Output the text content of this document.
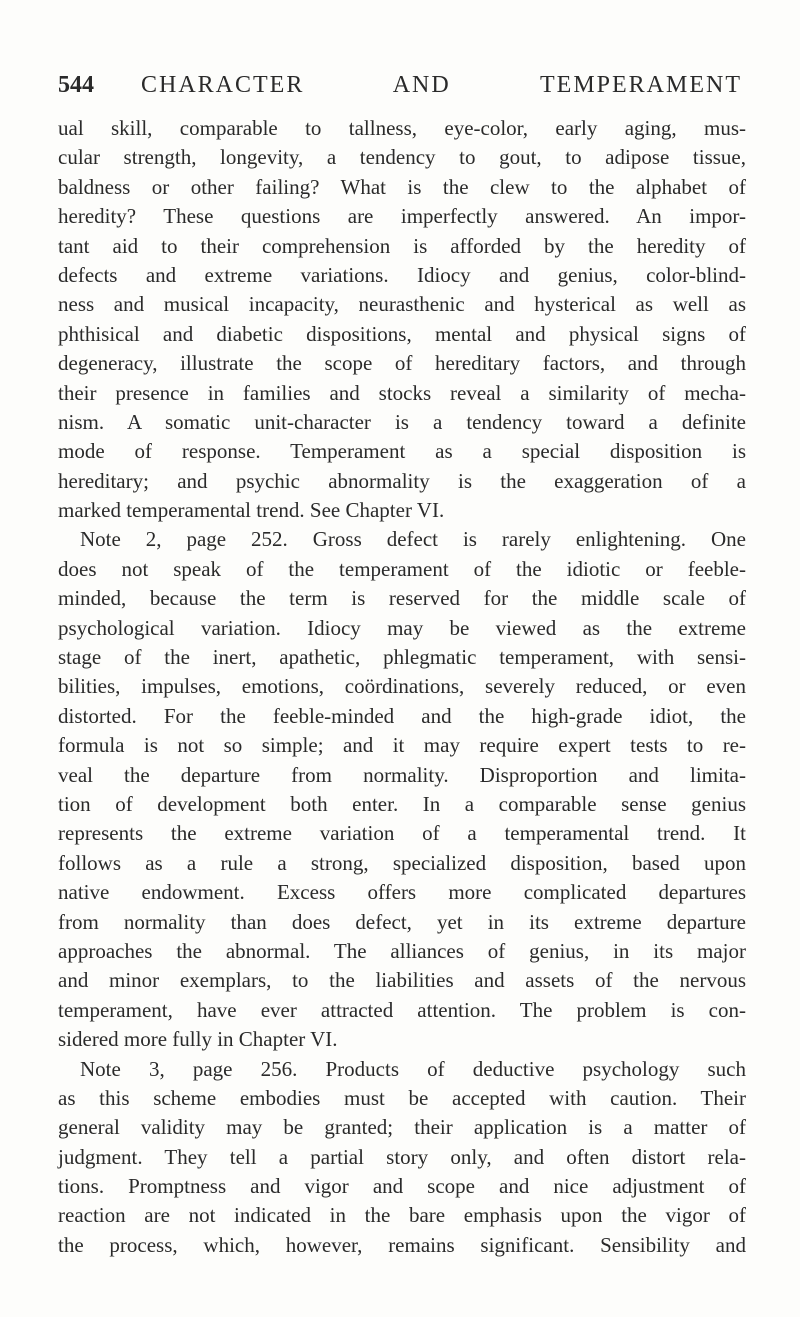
544 CHARACTER AND TEMPERAMENT
ual skill, comparable to tallness, eye-color, early aging, mus-
cular strength, longevity, a tendency to gout, to adipose tissue,
baldness or other failing? What is the clew to the alphabet of
heredity? These questions are imperfectly answered. An impor-
tant aid to their comprehension is afforded by the heredity of
defects and extreme variations. Idiocy and genius, color-blind-
ness and musical incapacity, neurasthenic and hysterical as well as
phthisical and diabetic dispositions, mental and physical signs of
degeneracy, illustrate the scope of hereditary factors, and through
their presence in families and stocks reveal a similarity of mecha-
nism. A somatic unit-character is a tendency toward a definite
mode of response. Temperament as a special disposition is
hereditary; and psychic abnormality is the exaggeration of a
marked temperamental trend. See Chapter VI.
Note 2, page 252. Gross defect is rarely enlightening. One
does not speak of the temperament of the idiotic or feeble-
minded, because the term is reserved for the middle scale of
psychological variation. Idiocy may be viewed as the extreme
stage of the inert, apathetic, phlegmatic temperament, with sensi-
bilities, impulses, emotions, coördinations, severely reduced, or even
distorted. For the feeble-minded and the high-grade idiot, the
formula is not so simple; and it may require expert tests to re-
veal the departure from normality. Disproportion and limita-
tion of development both enter. In a comparable sense genius
represents the extreme variation of a temperamental trend. It
follows as a rule a strong, specialized disposition, based upon
native endowment. Excess offers more complicated departures
from normality than does defect, yet in its extreme departure
approaches the abnormal. The alliances of genius, in its major
and minor exemplars, to the liabilities and assets of the nervous
temperament, have ever attracted attention. The problem is con-
sidered more fully in Chapter VI.
Note 3, page 256. Products of deductive psychology such
as this scheme embodies must be accepted with caution. Their
general validity may be granted; their application is a matter of
judgment. They tell a partial story only, and often distort rela-
tions. Promptness and vigor and scope and nice adjustment of
reaction are not indicated in the bare emphasis upon the vigor of
the process, which, however, remains significant. Sensibility and
